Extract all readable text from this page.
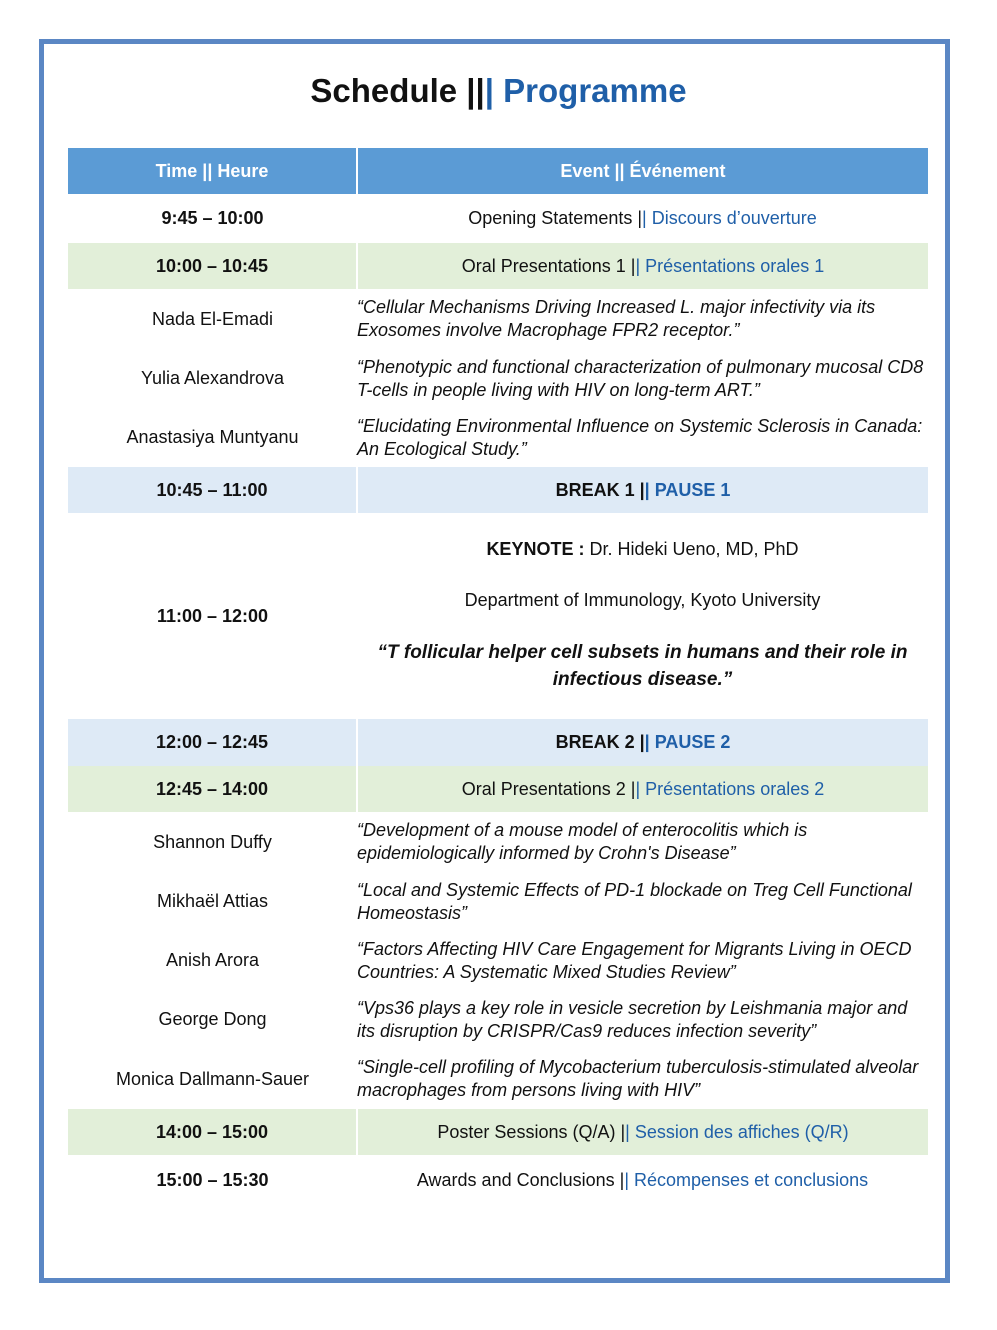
Schedule ||| Programme
Time || Heure	Event || Événement
9:45 – 10:00	Opening Statements || Discours d’ouverture
10:00 – 10:45	Oral Presentations 1 || Présentations orales 1
Nada El-Emadi	“Cellular Mechanisms Driving Increased L. major infectivity via its Exosomes involve Macrophage FPR2 receptor.”
Yulia Alexandrova	“Phenotypic and functional characterization of pulmonary mucosal CD8 T-cells in people living with HIV on long-term ART.”
Anastasiya Muntyanu	“Elucidating Environmental Influence on Systemic Sclerosis in Canada: An Ecological Study.”
10:45 – 11:00	BREAK 1 || PAUSE 1
11:00 – 12:00	KEYNOTE : Dr. Hideki Ueno, MD, PhD

Department of Immunology, Kyoto University

“T follicular helper cell subsets in humans and their role in infectious disease.”

12:00 – 12:45	BREAK 2 || PAUSE 2
12:45 – 14:00	Oral Presentations 2 || Présentations orales 2
Shannon Duffy	“Development of a mouse model of enterocolitis which is epidemiologically informed by Crohn's Disease”
Mikhaël Attias	“Local and Systemic Effects of PD-1 blockade on Treg Cell Functional Homeostasis”
Anish Arora	“Factors Affecting HIV Care Engagement for Migrants Living in OECD Countries: A Systematic Mixed Studies Review”
George Dong	“Vps36 plays a key role in vesicle secretion by Leishmania major and its disruption by CRISPR/Cas9 reduces infection severity”
Monica Dallmann-Sauer	“Single-cell profiling of Mycobacterium tuberculosis-stimulated alveolar macrophages from persons living with HIV”
14:00 – 15:00	Poster Sessions (Q/A) || Session des affiches (Q/R)
15:00 – 15:30	Awards and Conclusions || Récompenses et conclusions
